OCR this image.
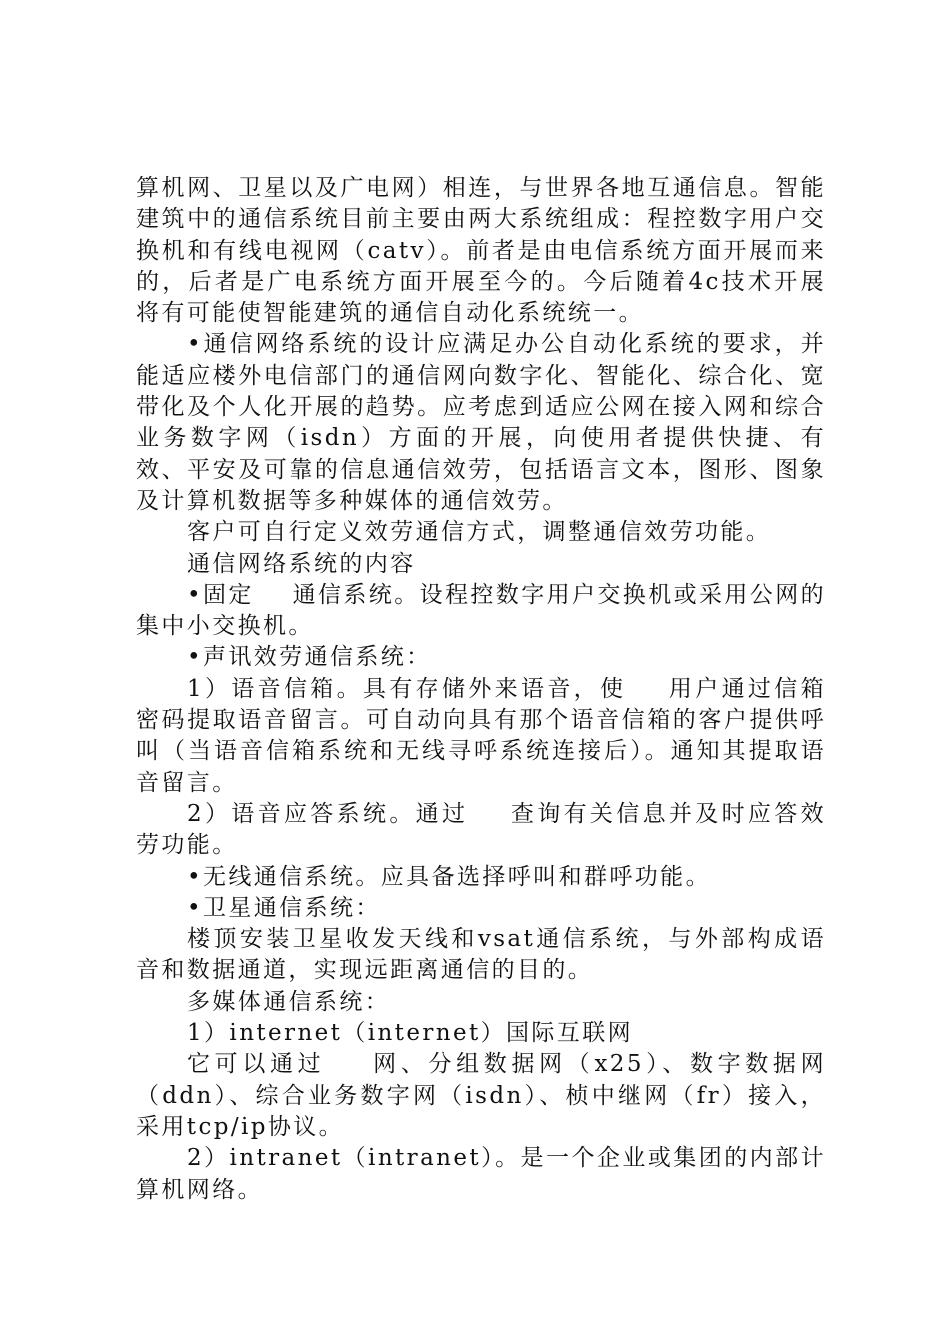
算机网、卫星以及广电网）相连，与世界各地互通信息。智能建筑中的通信系统目前主要由两大系统组成：程控数字用户交换机和有线电视网（catv）。前者是由电信系统方面开展而来的，后者是广电系统方面开展至今的。今后随着4c技术开展将有可能使智能建筑的通信自动化系统统一。

•通信网络系统的设计应满足办公自动化系统的要求，并能适应楼外电信部门的通信网向数字化、智能化、综合化、宽带化及个人化开展的趋势。应考虑到适应公网在接入网和综合业务数字网（isdn）方面的开展，向使用者提供快捷、有效、平安及可靠的信息通信效劳，包括语言文本，图形、图象及计算机数据等多种媒体的通信效劳。

客户可自行定义效劳通信方式，调整通信效劳功能。

通信网络系统的内容

•固定    通信系统。设程控数字用户交换机或采用公网的集中小交换机。

•声讯效劳通信系统：

1）语音信箱。具有存储外来语音，使    用户通过信箱密码提取语音留言。可自动向具有那个语音信箱的客户提供呼叫（当语音信箱系统和无线寻呼系统连接后）。通知其提取语音留言。

2）语音应答系统。通过    查询有关信息并及时应答效劳功能。

•无线通信系统。应具备选择呼叫和群呼功能。

•卫星通信系统：

楼顶安装卫星收发天线和vsat通信系统，与外部构成语音和数据通道，实现远距离通信的目的。

多媒体通信系统：

1）internet（internet）国际互联网

它可以通过    网、分组数据网（x25）、数字数据网（ddn）、综合业务数字网（isdn）、桢中继网（fr）接入，采用tcp/ip协议。

2）intranet（intranet）。是一个企业或集团的内部计算机网络。
